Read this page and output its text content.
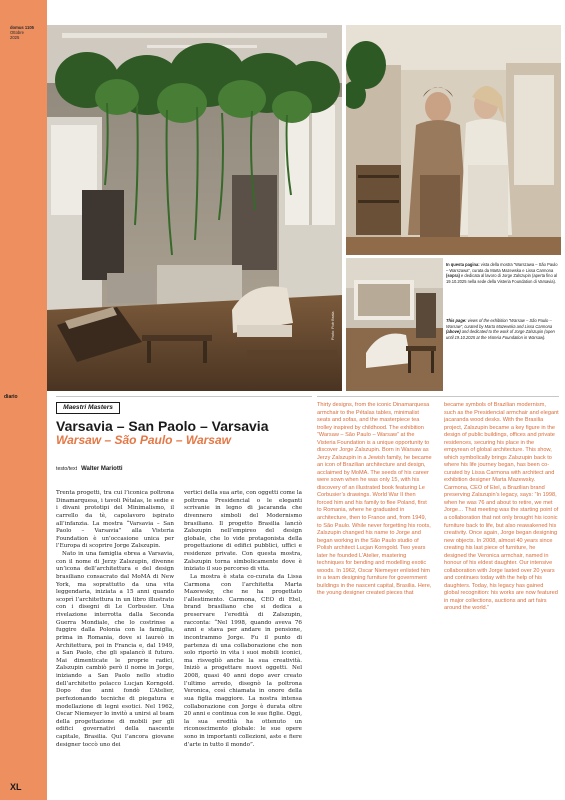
domus 1105
Ottobre
2025
diario
XL
Photo: Piotr Beata
In questa pagina: vista della mostra “Warszawa – São Paulo – Warszawa”, curata da Marta Mazewska e Lissa Carmona (sopra) e dedicata al lavoro di Jorge Zalszupin (aperta fino al 19.10.2025 nella sede della Visteria Foundation di Varsavia).
This page: views of the exhibition “Warsaw – São Paulo – Warsaw”, curated by Marta Mazewska and Lissa Carmona (above) and dedicated to the work of Jorge Zalszupin (open until 19.10.2025 at the Visteria Foundation in Warsaw).
Maestri Masters
Varsavia – San Paolo – Varsavia
Warsaw – São Paulo – Warsaw
testo/text Walter Mariotti

Trenta progetti, tra cui l’iconica poltrona Dinamarquesa, i tavoli Pétalas, le sedie e i divani prototipi del Minimalismo, il carrello da tè, capolavoro ispirato all’infanzia. La mostra “Varsavia – San Paolo – Varsavia” alla Visteria Foundation è un’occasione unica per l’Europa di scoprire Jorge Zalszupin.

Nato in una famiglia ebrea a Varsavia, con il nome di Jerzy Zalszupin, divenne un’icona dell’architettura e del design brasiliano consacrato dal MoMA di New York, ma soprattutto da una vita leggendaria, iniziata a 15 anni quando scoprì l’architettura in un libro illustrato con i disegni di Le Corbusier. Una rivelazione interrotta dalla Seconda Guerra Mondiale, che lo costrinse a fuggire dalla Polonia con la famiglia, prima in Romania, dove si laureò in Architettura, poi in Francia e, dal 1949, a San Paolo, che gli spalancò il futuro. Mai dimenticate le proprie radici, Zalszupin cambiò però il nome in Jorge, iniziando a San Paolo nello studio dell’architetto polacco Lucjan Korngold. Dopo due anni fondò L’Atelier, perfezionando tecniche di piegatura e modellazione di legni esotici. Nel 1962, Oscar Niemeyer lo invitò a unirsi al team della progettazione di mobili per gli edifici governativi della nascente capitale, Brasilia. Qui l’ancora giovane designer toccò uno dei

vertici della sua arte, con oggetti come la poltrona Presidencial o le eleganti scrivanie in legno di jacaranda che divennero simboli del Modernismo brasiliano. Il progetto Brasilia lanciò Zalszupin nell’empireo del design globale, che lo vide protagonista della progettazione di edifici pubblici, uffici e residenze private. Con questa mostra, Zalszupin torna simbolicamente dove è iniziato il suo percorso di vita.

La mostra è stata co-curata da Lissa Carmona con l’architetta Marta Mazewsky, che ne ha progettato l’allestimento. Carmona, CEO di Etel, brand brasiliano che si dedica a preservare l’eredità di Zalszupin, racconta: “Nel 1998, quando aveva 76 anni e stava per andare in pensione, incontrammo Jorge. Fu il punto di partenza di una collaborazione che non solo riportò in vita i suoi mobili iconici, ma risvegliò anche la sua creatività. Iniziò a progettare nuovi oggetti. Nel 2008, quasi 40 anni dopo aver creato l’ultimo arredo, disegnò la poltrona Veronica, così chiamata in onore della sua figlia maggiore. La nostra intensa collaborazione con Jorge è durata oltre 20 anni e continua con le sue figlie. Oggi, la sua eredità ha ottenuto un riconoscimento globale: le sue opere sono in importanti collezioni, aste e fiere d’arte in tutto il mondo”.

Thirty designs, from the iconic Dinamarquesa armchair to the Pétalas tables, minimalist seats and sofas, and the masterpiece tea trolley inspired by childhood. The exhibition “Warsaw – São Paulo – Warsaw” at the Visteria Foundation is a unique opportunity to discover Jorge Zalszupin. Born in Warsaw as Jerzy Zalszupin in a Jewish family, he became an icon of Brazilian architecture and design, acclaimed by MoMA. The seeds of his career were sown when he was only 15, with his discovery of an illustrated book featuring Le Corbusier’s drawings. World War II then forced him and his family to flee Poland, first to Romania, where he graduated in architecture, then to France and, from 1949, to São Paulo. While never forgetting his roots, Zalszupin changed his name to Jorge and began working in the São Paulo studio of Polish architect Lucjan Korngold. Two years later he founded L’Atelier, mastering techniques for bending and modelling exotic woods. In 1962, Oscar Niemeyer enlisted him in a team designing furniture for government buildings in the nascent capital, Brasilia. Here, the young designer created pieces that
became symbols of Brazilian modernism, such as the Presidencial armchair and elegant jacaranda wood desks. With the Brasilia project, Zalszupin became a key figure in the design of public buildings, offices and private residences, securing his place in the empyrean of global architecture. This show, which symbolically brings Zalszupin back to where his life journey began, has been co-curated by Lissa Carmona with architect and exhibition designer Marta Mazewsky. Carmona, CEO of Etel, a Brazilian brand preserving Zalszupin’s legacy, says: “In 1998, when he was 76 and about to retire, we met Jorge… That meeting was the starting point of a collaboration that not only brought his iconic furniture back to life, but also reawakened his creativity. Once again, Jorge began designing new objects. In 2008, almost 40 years since creating his last piece of furniture, he designed the Veronica armchair, named in honour of his eldest daughter. Our intensive collaboration with Jorge lasted over 20 years and continues today with the help of his daughters. Today, his legacy has gained global recognition: his works are now featured in major collections, auctions and art fairs around the world.”
